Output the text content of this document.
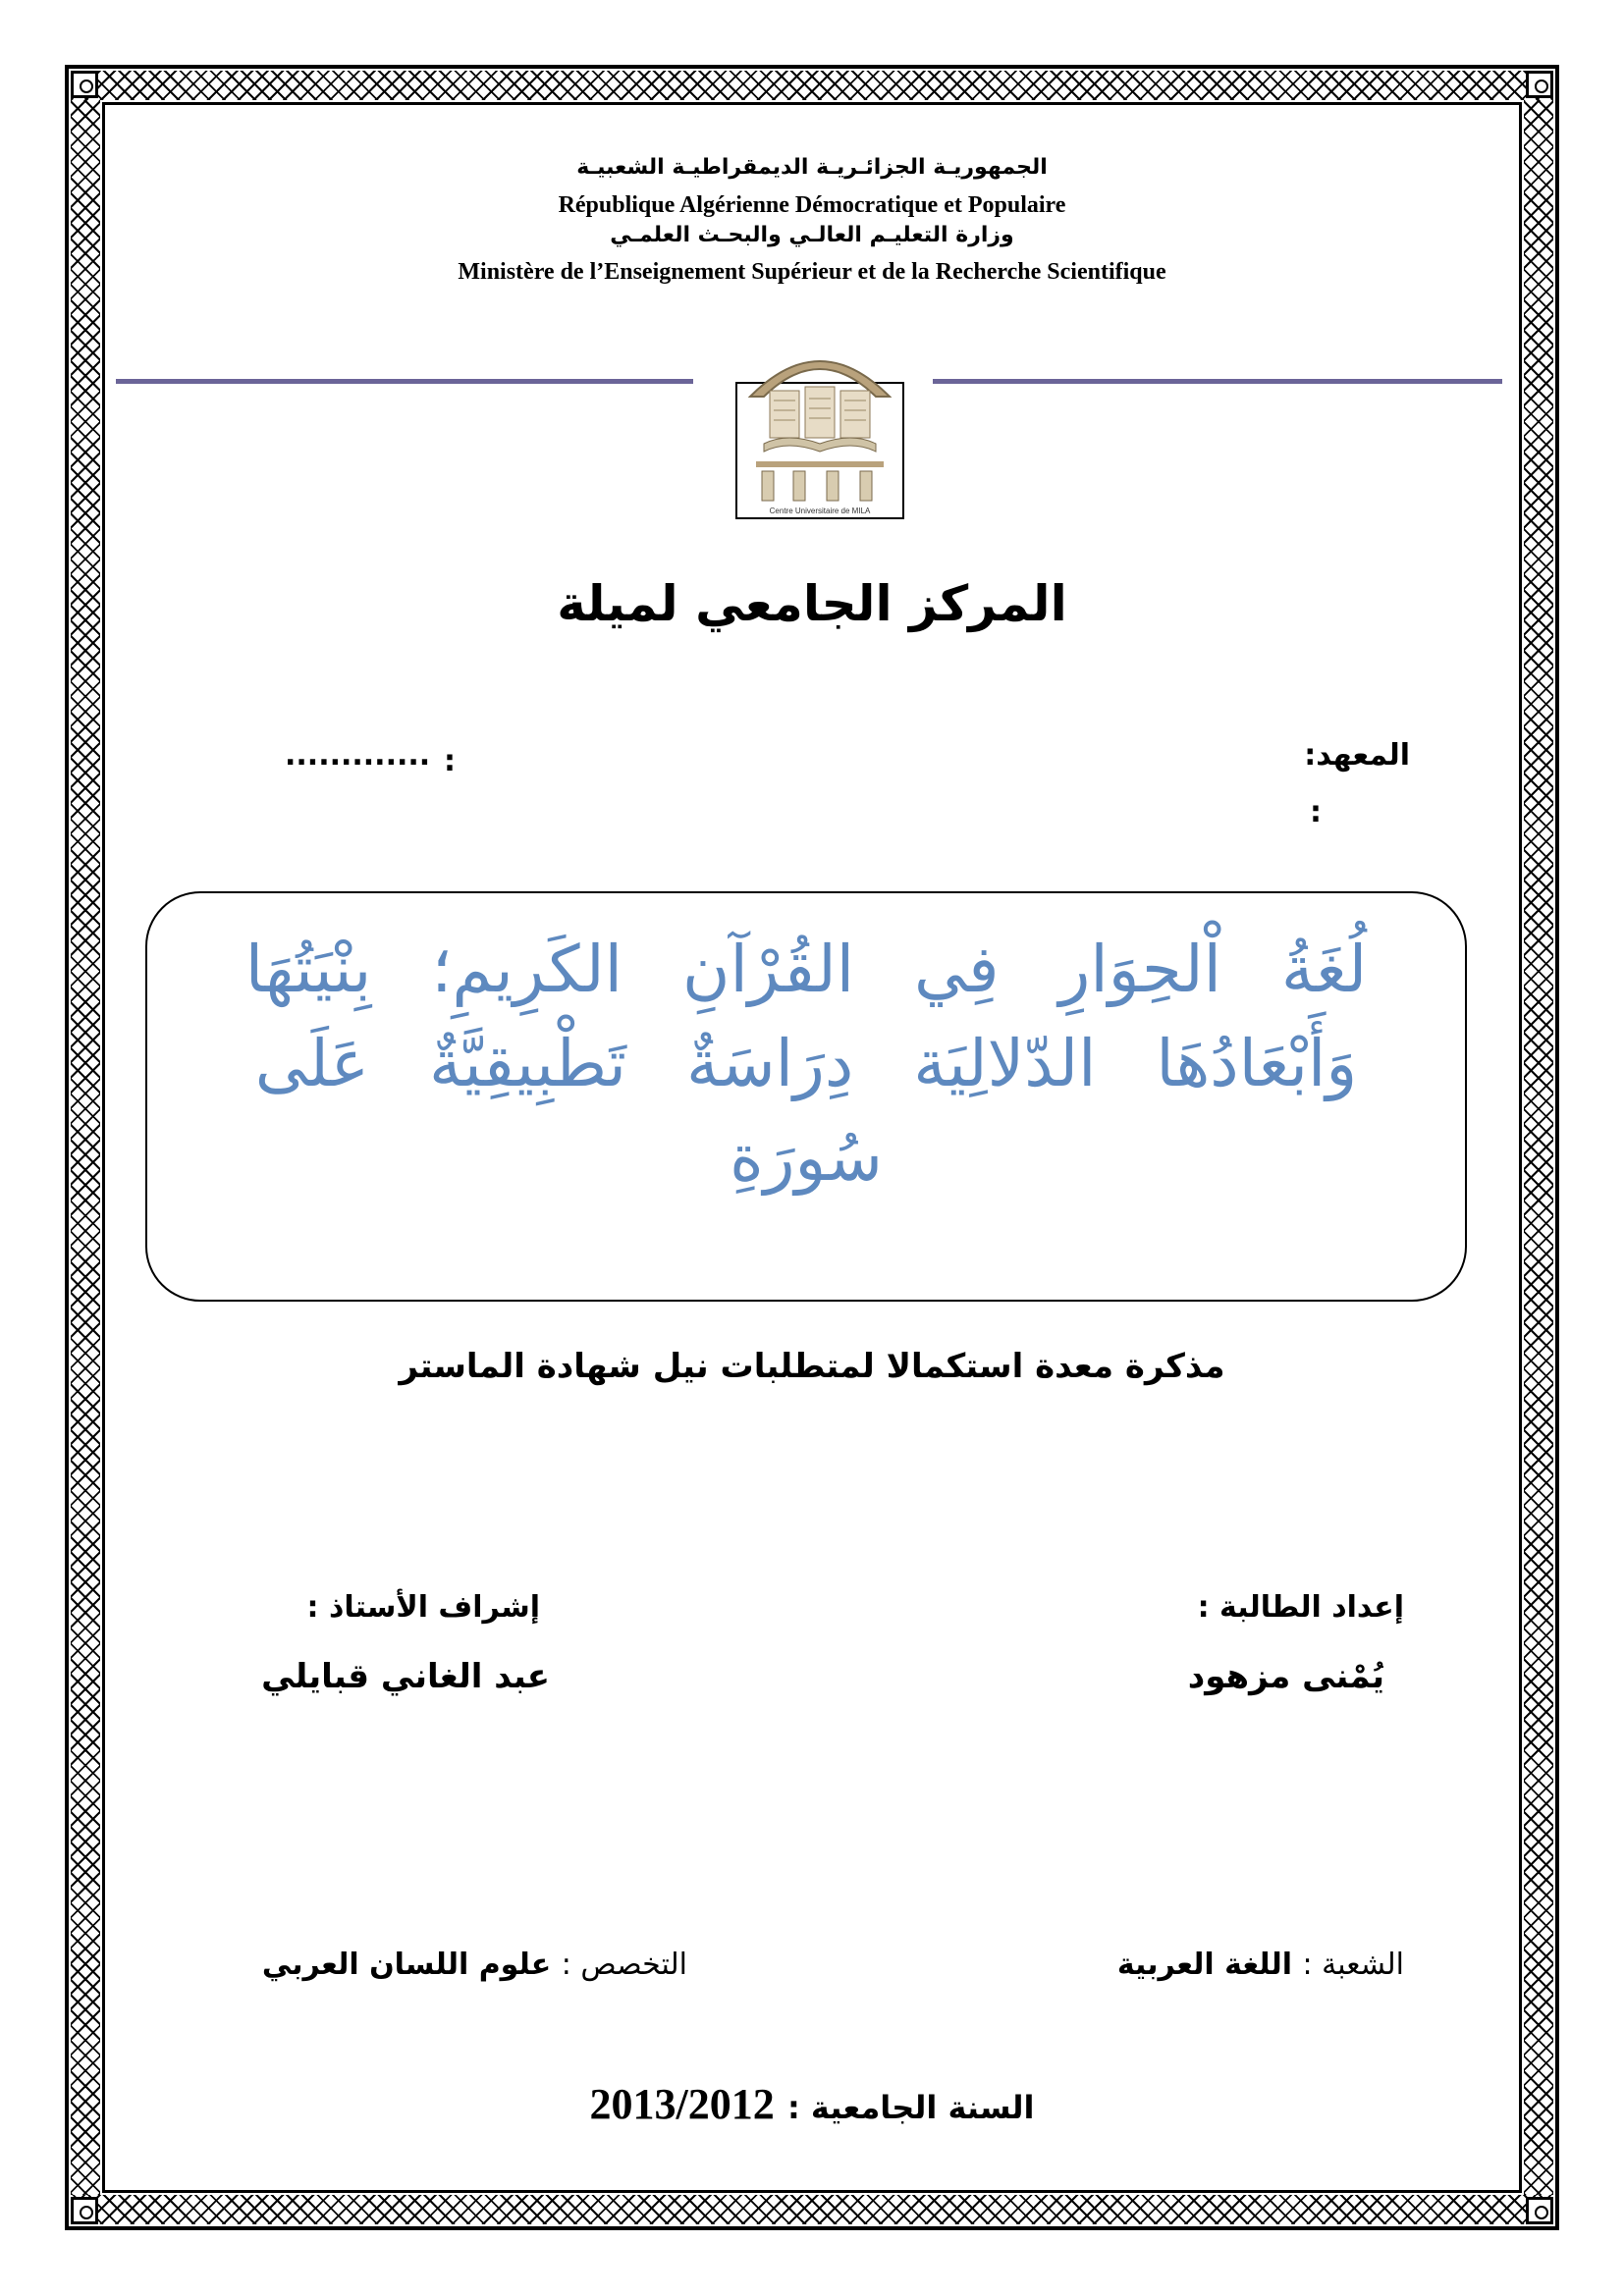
الجمهوريـة الجزائـريـة الديمقراطيـة الشعبيـة
République Algérienne Démocratique et Populaire
وزارة التعليـم العالـي والبحـث العلمـي
Ministère de l’Enseignement Supérieur et de la Recherche Scientifique
Centre Universitaire de MILA
المركز الجامعي لميلة
المعهد:
:
:
.............
لُغَةُ اْلحِوَارِ فِي القُرْآنِ الكَرِيمِ؛ بِنْيَتُهَا وَأَبْعَادُهَا الدّلالِيَة دِرَاسَةٌ تَطْبِيقِيَّةٌ عَلَى سُورَةِ
مذكرة معدة استكمالا لمتطلبات نيل شهادة الماستر
إعداد الطالبة :
يُمْنى مزهود
إشراف الأستاذ :
عبد الغاني قبايلي
الشعبة : اللغة العربية
التخصص : علوم اللسان العربي
السنة الجامعية : 2013/2012
